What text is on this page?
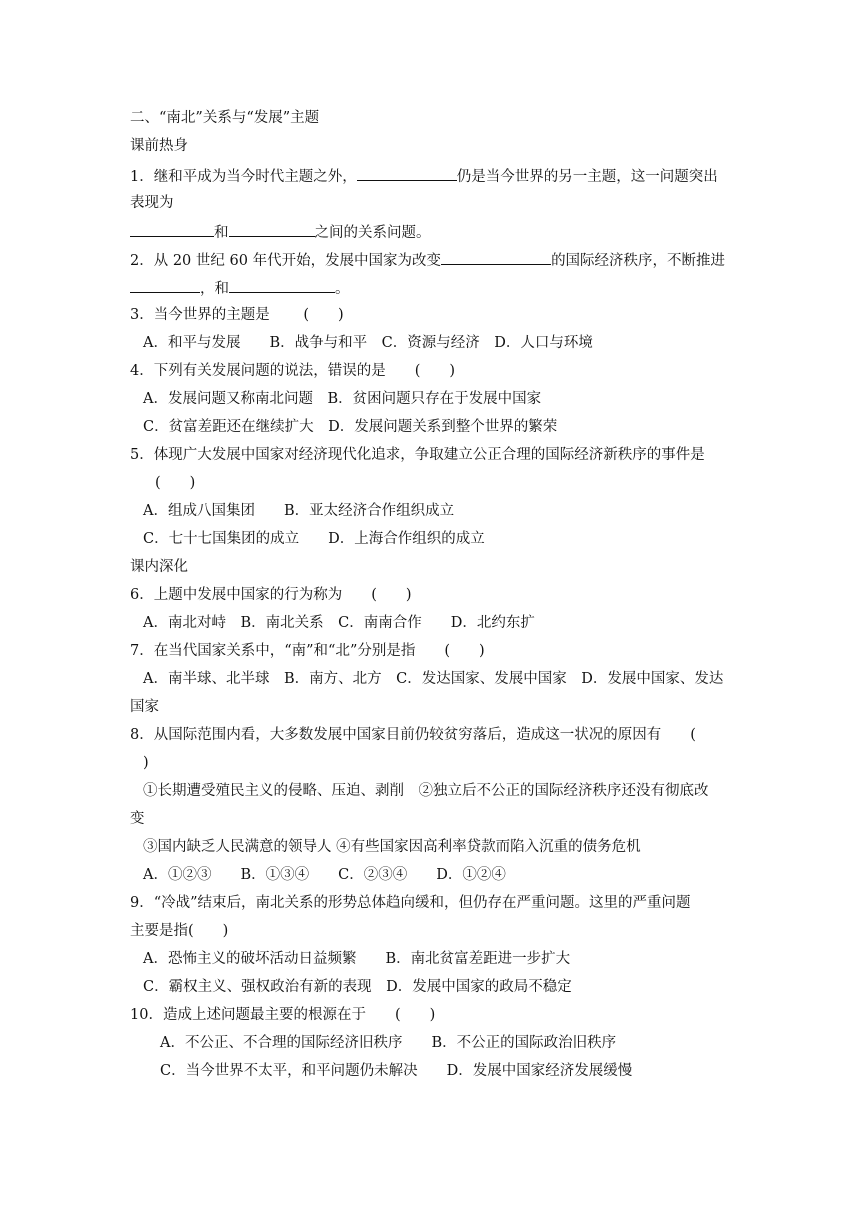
二、“南北”关系与“发展”主题
课前热身
1．继和平成为当今时代主题之外，	仍是当今世界的另一主题，这一问题突出
表现为
和	之间的关系问题。
2．从 20 世纪 60 年代开始，发展中国家为改变	的国际经济秩序，不断推进
，和	。
3．当今世界的主题是 　　(　　)
A．和平与发展　　B．战争与和平　C．资源与经济　D．人口与环境
4．下列有关发展问题的说法，错误的是　　(　　)
A．发展问题又称南北问题　B．贫困问题只存在于发展中国家
C．贫富差距还在继续扩大　D．发展问题关系到整个世界的繁荣
5．体现广大发展中国家对经济现代化追求，争取建立公正合理的国际经济新秩序的事件是
(　　)
A．组成八国集团　　B．亚太经济合作组织成立
C．七十七国集团的成立　　D．上海合作组织的成立
课内深化
6．上题中发展中国家的行为称为　　(　　)
A．南北对峙　B．南北关系　C．南南合作　　D．北约东扩
7．在当代国家关系中，“南”和“北”分别是指　　(　　)
A．南半球、北半球　B．南方、北方　C．发达国家、发展中国家　D．发展中国家、发达
国家
8．从国际范围内看，大多数发展中国家目前仍较贫穷落后，造成这一状况的原因有　　(
)
①长期遭受殖民主义的侵略、压迫、剥削　②独立后不公正的国际经济秩序还没有彻底改
变
③国内缺乏人民满意的领导人 ④有些国家因高利率贷款而陷入沉重的债务危机
A．①②③　　B．①③④　　C．②③④　　D．①②④
9．“冷战”结束后，南北关系的形势总体趋向缓和，但仍存在严重问题。这里的严重问题
主要是指(　　)
A．恐怖主义的破坏活动日益频繁　　B．南北贫富差距进一步扩大
C．霸权主义、强权政治有新的表现　D．发展中国家的政局不稳定
10．造成上述问题最主要的根源在于　　(　　)
A．不公正、不合理的国际经济旧秩序　　B．不公正的国际政治旧秩序
C．当今世界不太平，和平问题仍未解决　　D．发展中国家经济发展缓慢
